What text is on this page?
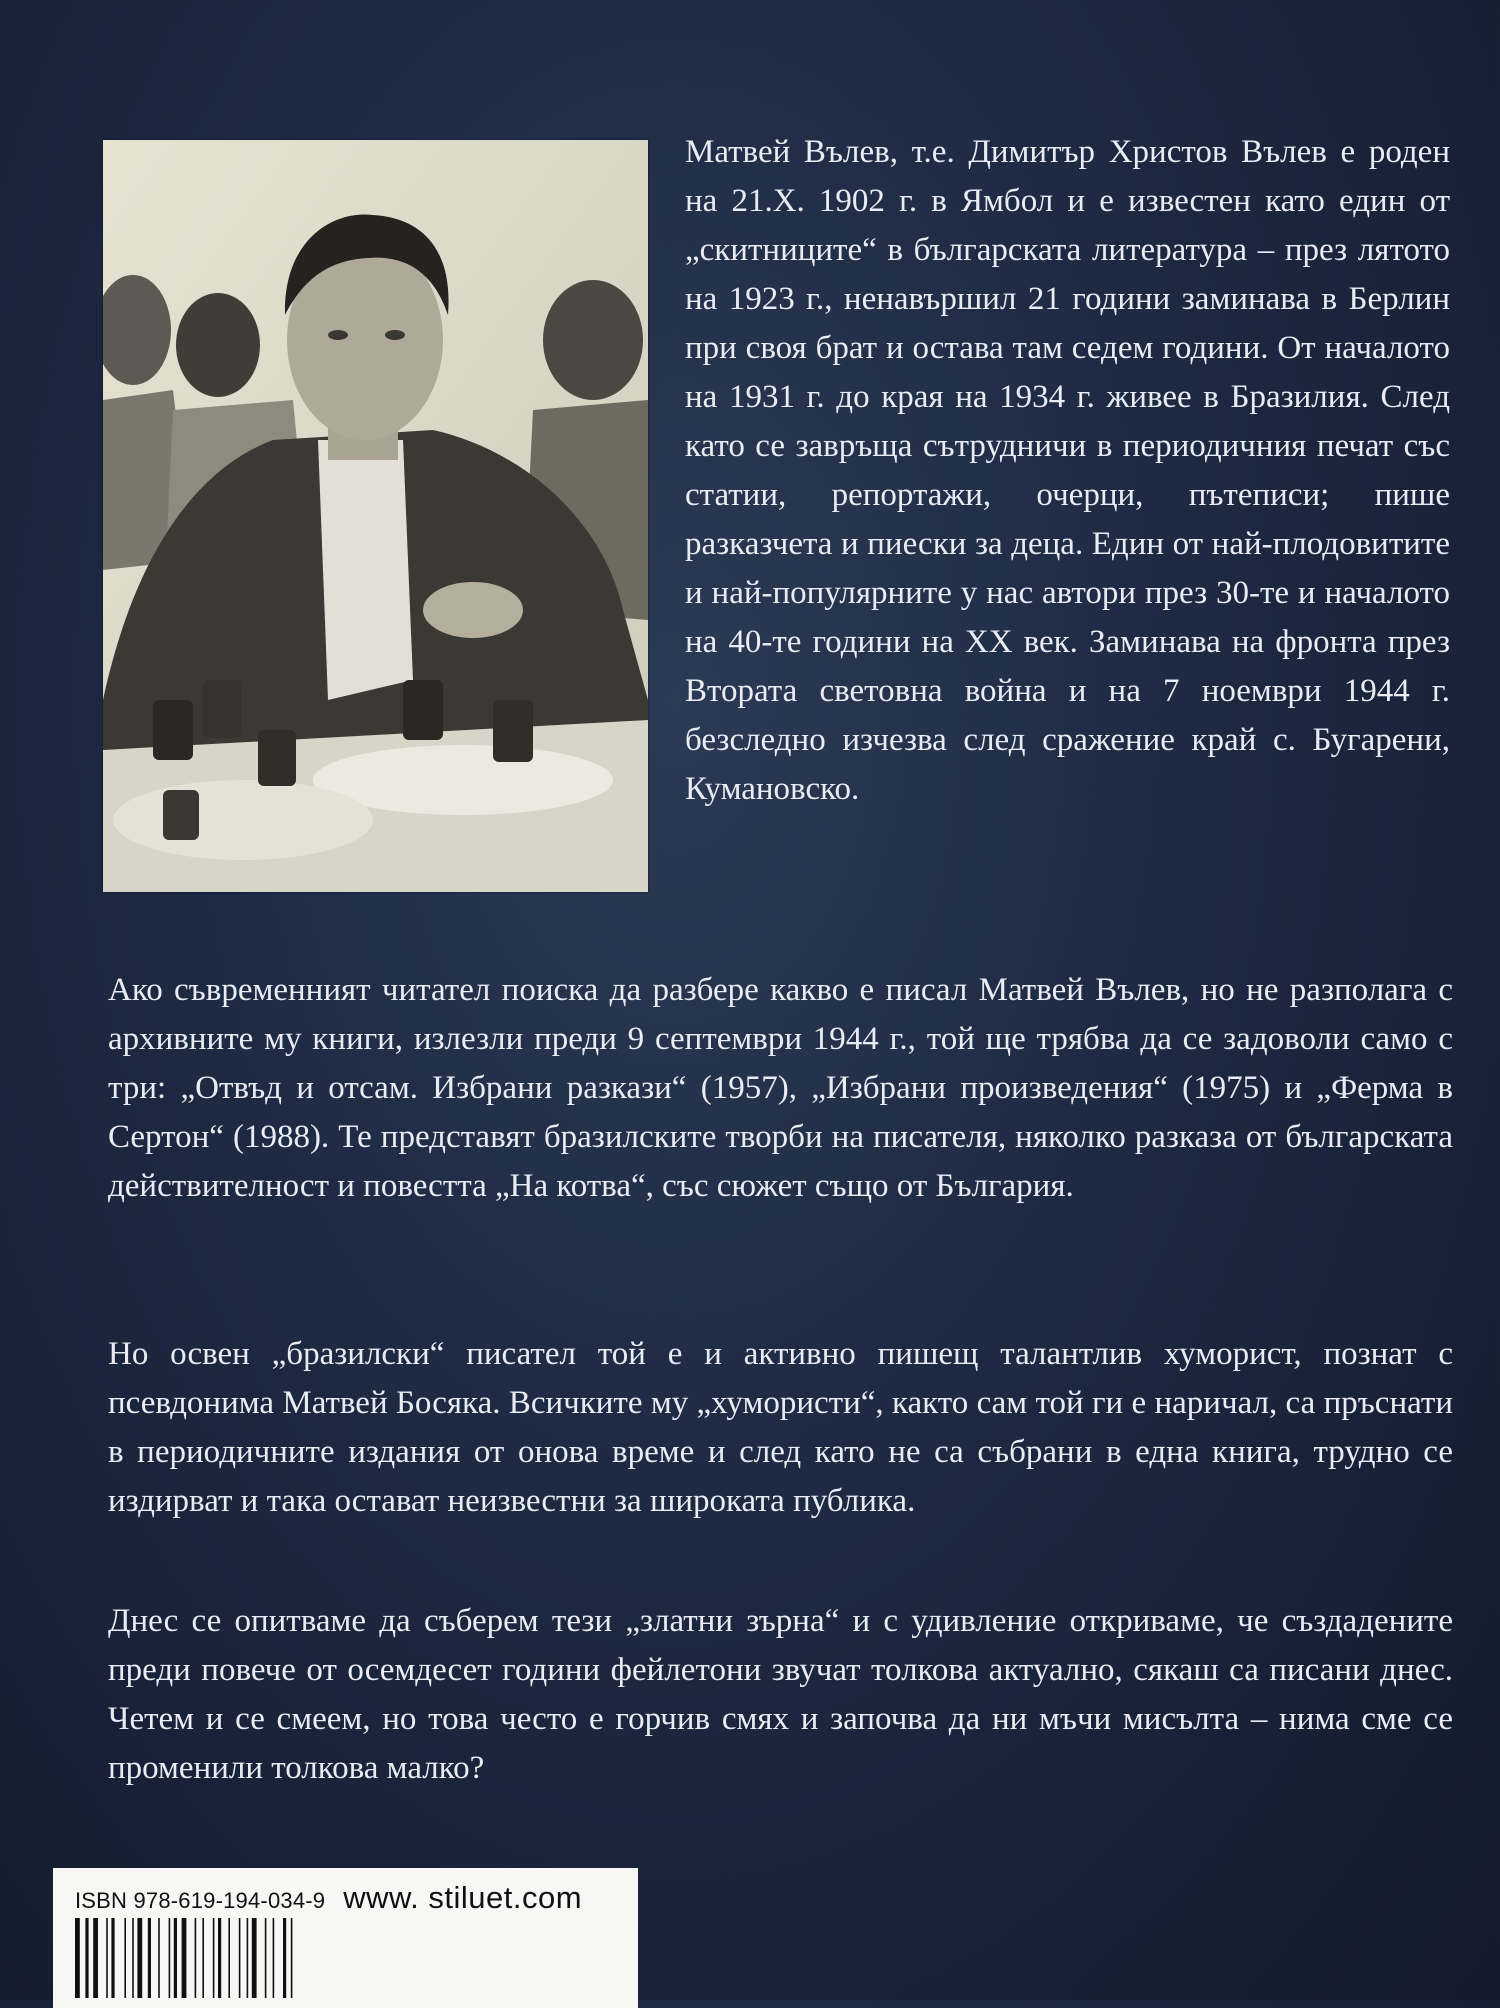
Матвей Вълев, т.е. Димитър Христов Вълев е роден на 21.X. 1902 г. в Ямбол и е известен като един от „скитниците“ в българската литература – през лятото на 1923 г., ненавършил 21 години заминава в Берлин при своя брат и остава там седем години. От началото на 1931 г. до края на 1934 г. живее в Бразилия. След като се завръща сътрудничи в периодичния печат със статии, репортажи, очерци, пътеписи; пише разказчета и пиески за деца. Един от най-плодовитите и най-популярните у нас автори през 30-те и началото на 40-те години на XX век. Заминава на фронта през Втората световна война и на 7 ноември 1944 г. безследно изчезва след сражение край с. Бугарени, Кумановско.

Ако съвременният читател поиска да разбере какво е писал Матвей Вълев, но не разполага с архивните му книги, излезли преди 9 септември 1944 г., той ще трябва да се задоволи само с три: „Отвъд и отсам. Избрани разкази“ (1957), „Избрани произведения“ (1975) и „Ферма в Сертон“ (1988). Те представят бразилските творби на писателя, няколко разказа от българската действителност и повестта „На котва“, със сюжет също от България.

Но освен „бразилски“ писател той е и активно пишещ талантлив хуморист, познат с псевдонима Матвей Босяка. Всичките му „хумористи“, както сам той ги е наричал, са пръснати в периодичните издания от онова време и след като не са събрани в една книга, трудно се издирват и така остават неизвестни за широката публика.

Днес се опитваме да съберем тези „златни зърна“ и с удивление откриваме, че създадените преди повече от осемдесет години фейлетони звучат толкова актуално, сякаш са писани днес. Четем и се смеем, но това често е горчив смях и започва да ни мъчи мисълта – нима сме се променили толкова малко?

ISBN 978-619-194-034-9 www. stiluet.com
